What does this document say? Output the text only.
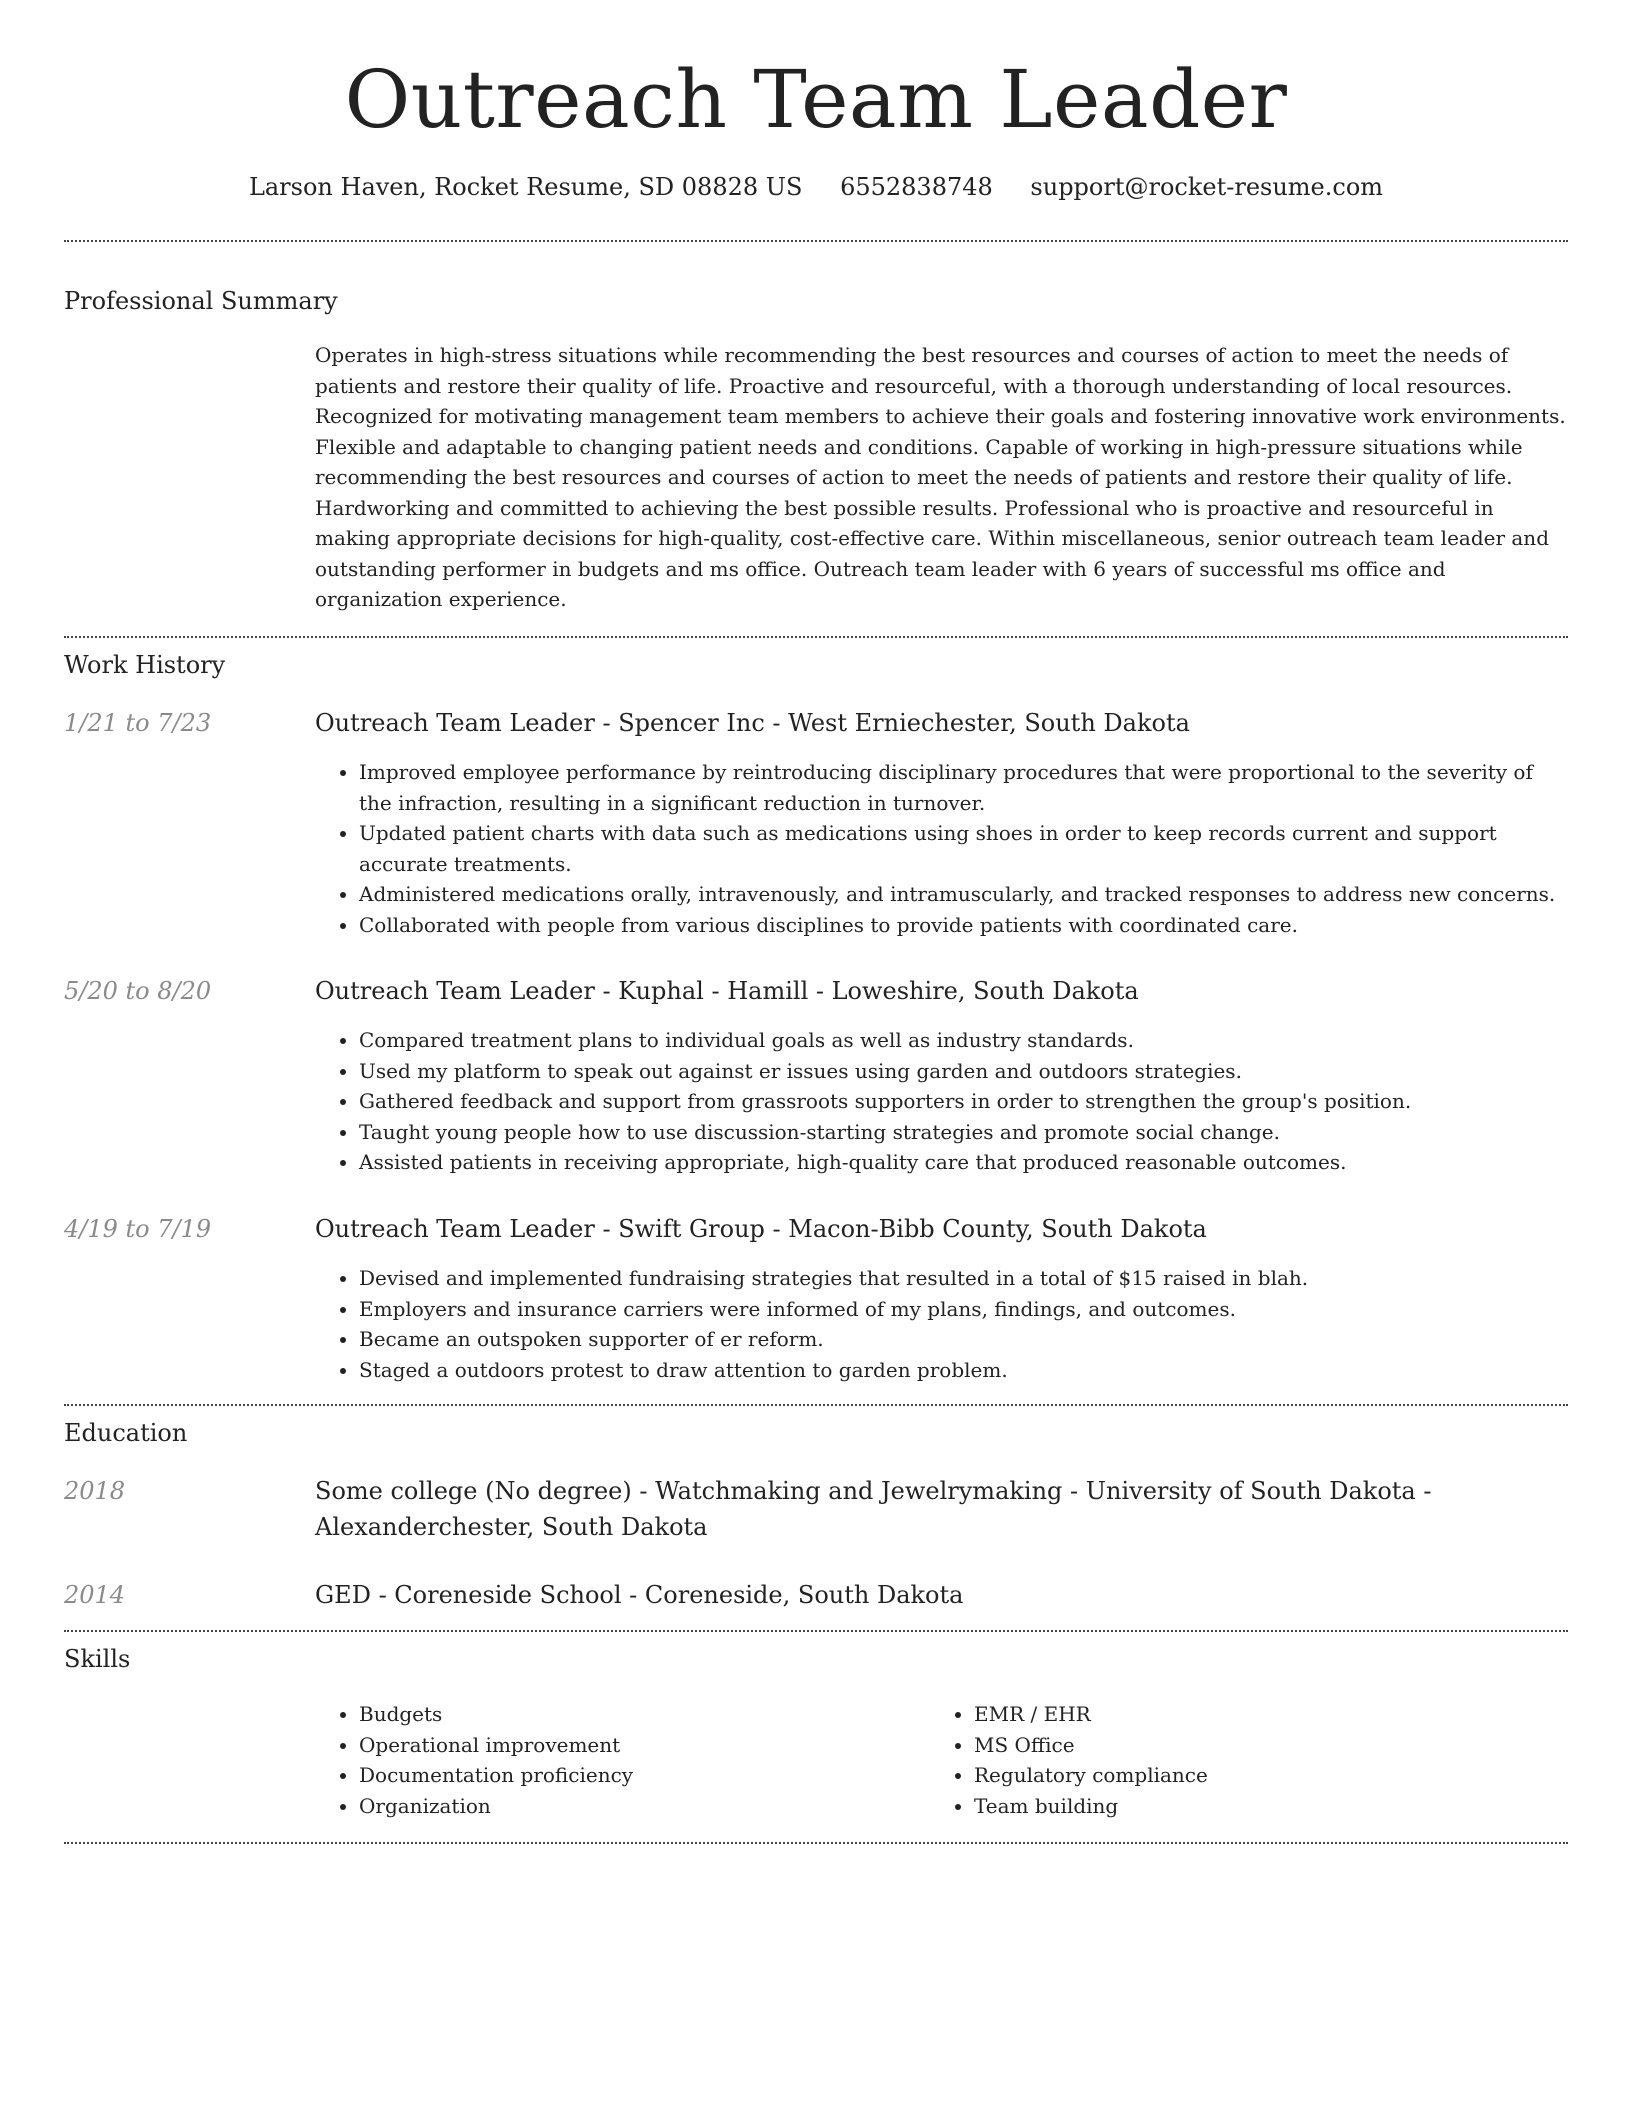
Outreach Team Leader
Larson Haven, Rocket Resume, SD 08828 US 6552838748 support@rocket-resume.com
Professional Summary
Operates in high-stress situations while recommending the best resources and courses of action to meet the needs of patients and restore their quality of life. Proactive and resourceful, with a thorough understanding of local resources. Recognized for motivating management team members to achieve their goals and fostering innovative work environments. Flexible and adaptable to changing patient needs and conditions. Capable of working in high-pressure situations while recommending the best resources and courses of action to meet the needs of patients and restore their quality of life. Hardworking and committed to achieving the best possible results. Professional who is proactive and resourceful in making appropriate decisions for high-quality, cost-effective care. Within miscellaneous, senior outreach team leader and outstanding performer in budgets and ms office. Outreach team leader with 6 years of successful ms office and organization experience.
Work History
1/21 to 7/23	Outreach Team Leader - Spencer Inc - West Erniechester, South Dakota
• Improved employee performance by reintroducing disciplinary procedures that were proportional to the severity of the infraction, resulting in a significant reduction in turnover.
• Updated patient charts with data such as medications using shoes in order to keep records current and support accurate treatments.
• Administered medications orally, intravenously, and intramuscularly, and tracked responses to address new concerns.
• Collaborated with people from various disciplines to provide patients with coordinated care.
5/20 to 8/20	Outreach Team Leader - Kuphal - Hamill - Loweshire, South Dakota
• Compared treatment plans to individual goals as well as industry standards.
• Used my platform to speak out against er issues using garden and outdoors strategies.
• Gathered feedback and support from grassroots supporters in order to strengthen the group's position.
• Taught young people how to use discussion-starting strategies and promote social change.
• Assisted patients in receiving appropriate, high-quality care that produced reasonable outcomes.
4/19 to 7/19	Outreach Team Leader - Swift Group - Macon-Bibb County, South Dakota
• Devised and implemented fundraising strategies that resulted in a total of $15 raised in blah.
• Employers and insurance carriers were informed of my plans, findings, and outcomes.
• Became an outspoken supporter of er reform.
• Staged a outdoors protest to draw attention to garden problem.
Education
2018	Some college (No degree) - Watchmaking and Jewelrymaking - University of South Dakota - Alexanderchester, South Dakota
2014	GED - Coreneside School - Coreneside, South Dakota
Skills
• Budgets
• Operational improvement
• Documentation proficiency
• Organization
• EMR / EHR
• MS Office
• Regulatory compliance
• Team building
